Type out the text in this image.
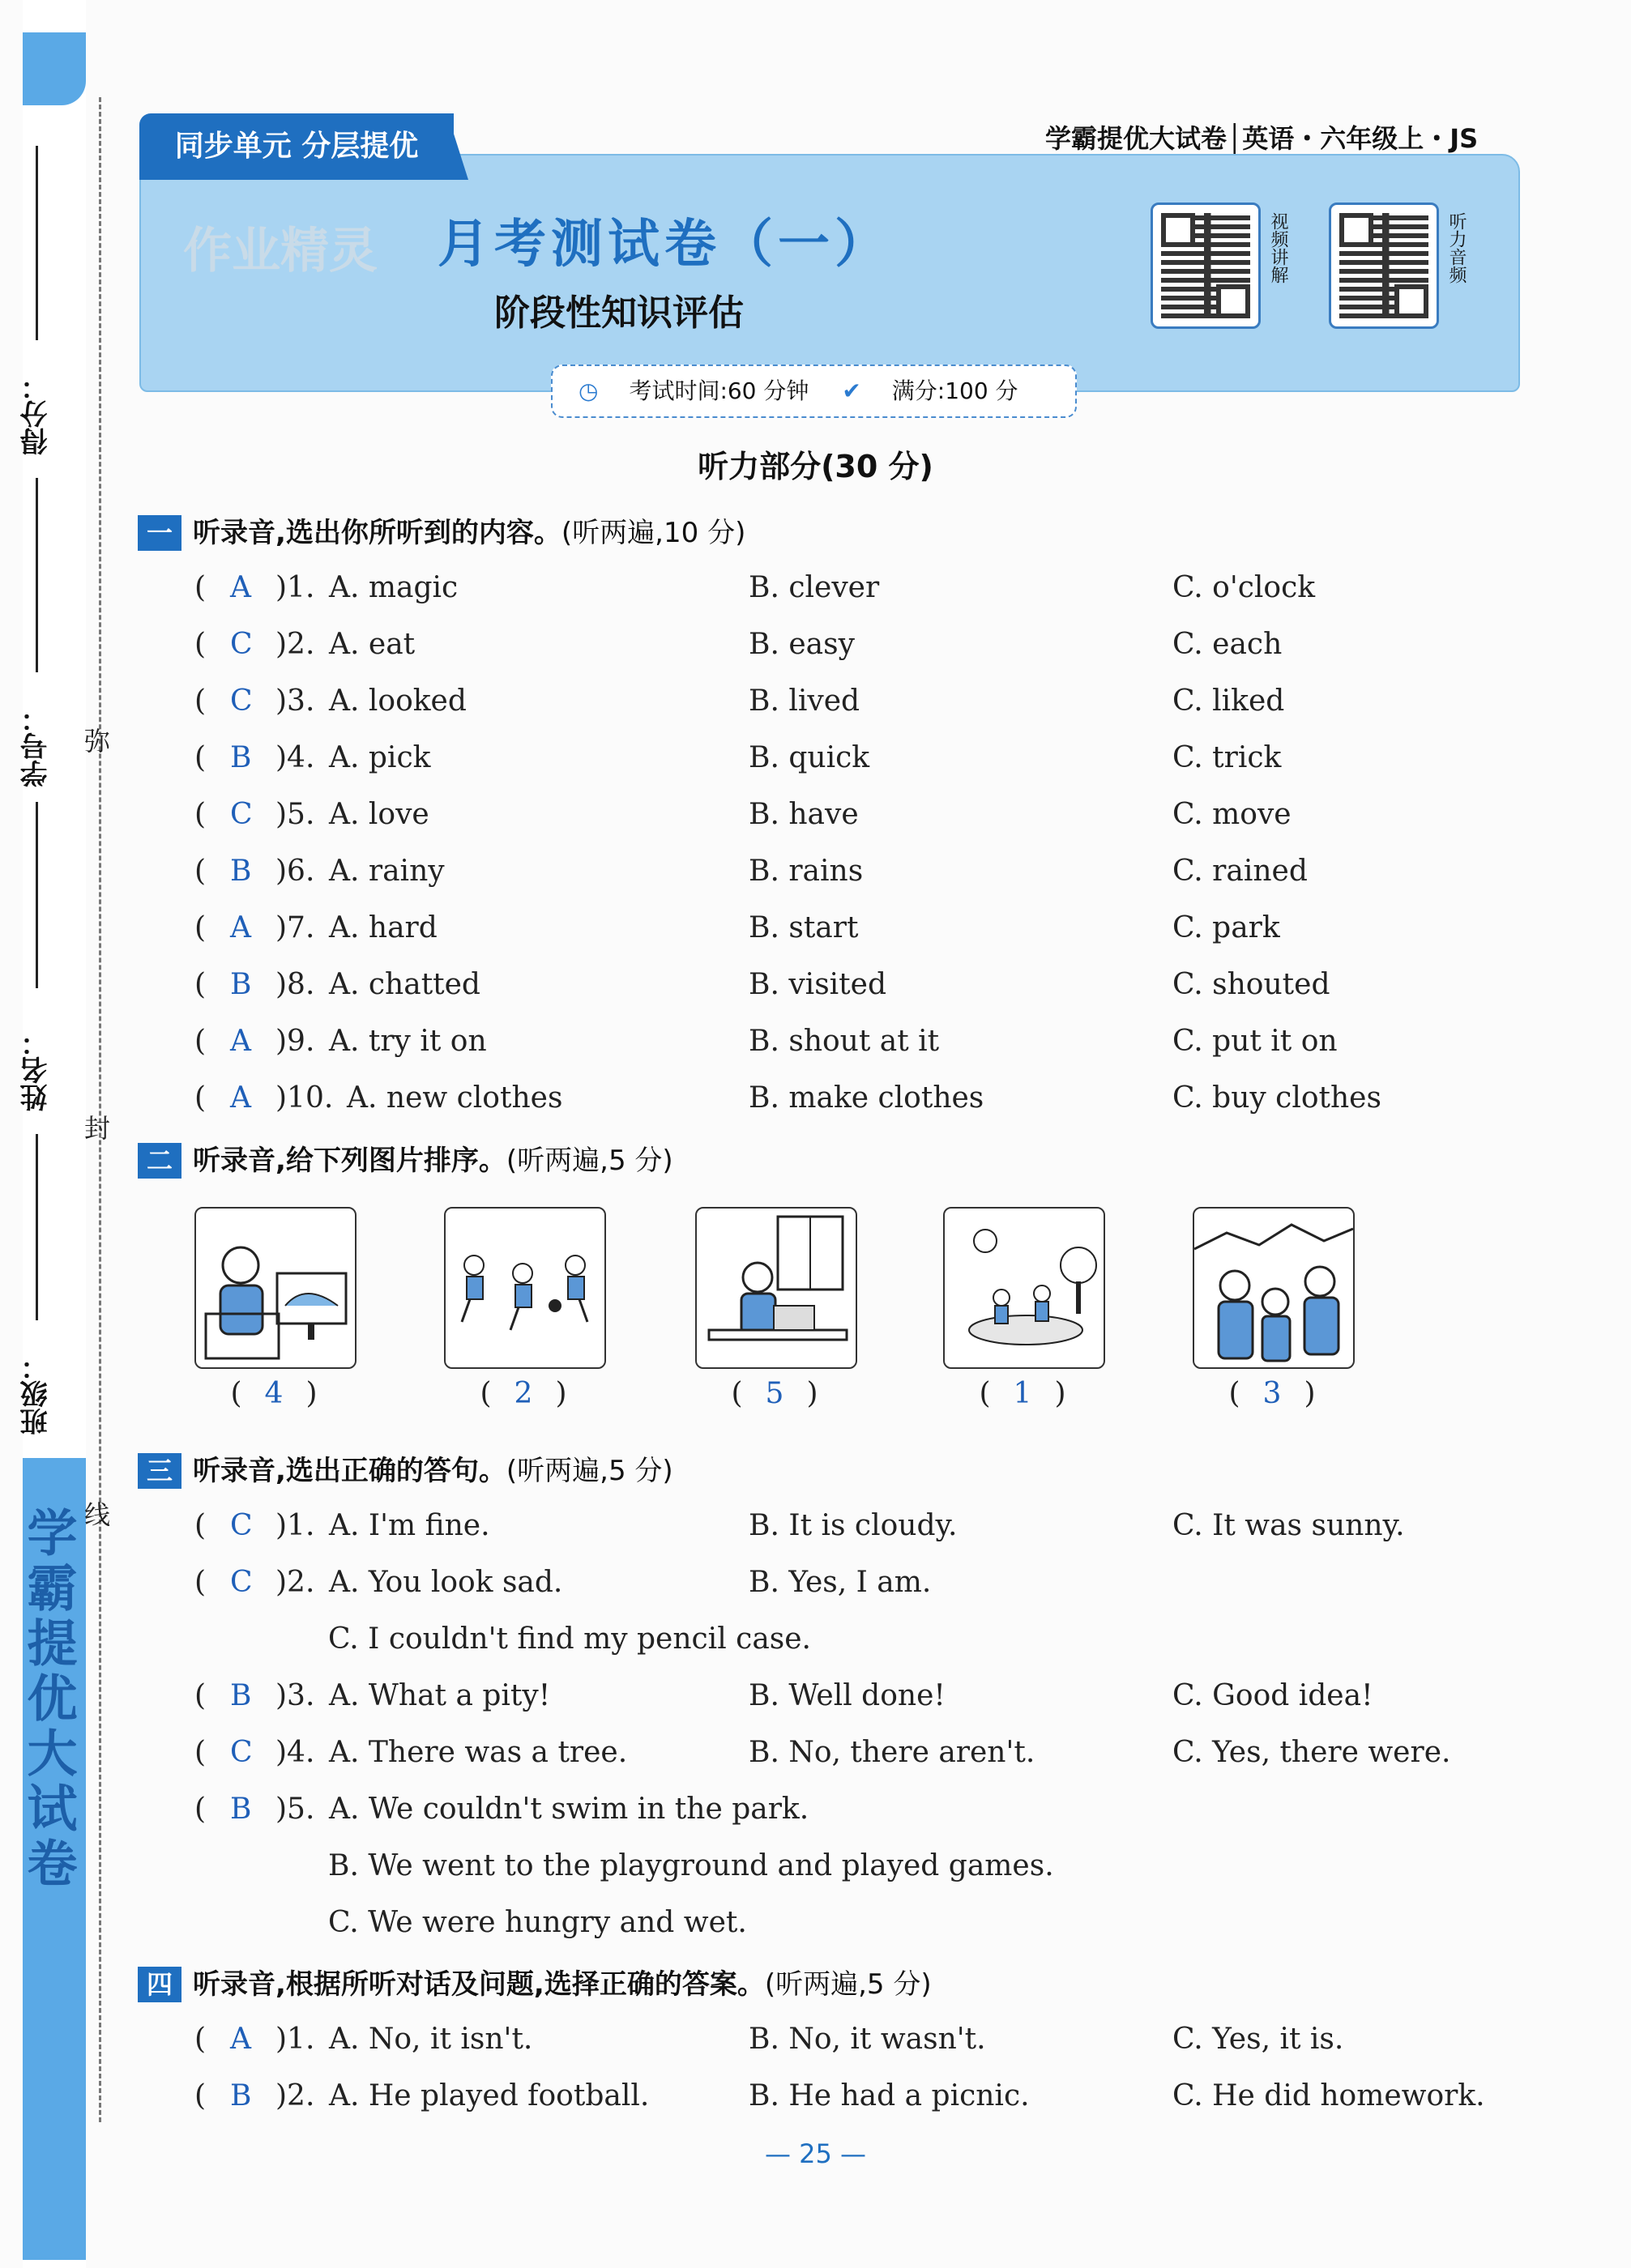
学霸提优大试卷
得分：
学号：
姓名：
班级：
弥
封
线
同步单元 分层提优	学霸提优大试卷│英语・六年级上・JS
作业精灵 月考测试卷（一）
阶段性知识评估
视频讲解	听力音频
◷ 考试时间:60 分钟 ✔ 满分:100 分
听力部分(30 分)
一 听录音,选出你所听到的内容。(听两遍,10 分)
( A )1. A. magic	B. clever	C. o'clock
( C )2. A. eat	B. easy	C. each
( C )3. A. looked	B. lived	C. liked
( B )4. A. pick	B. quick	C. trick
( C )5. A. love	B. have	C. move
( B )6. A. rainy	B. rains	C. rained
( A )7. A. hard	B. start	C. park
( B )8. A. chatted	B. visited	C. shouted
( A )9. A. try it on	B. shout at it	C. put it on
( A )10. A. new clothes	B. make clothes	C. buy clothes
二 听录音,给下列图片排序。(听两遍,5 分)
( 4 )	( 2 )	( 5 )	( 1 )	( 3 )
三 听录音,选出正确的答句。(听两遍,5 分)
( C )1. A. I'm fine.	B. It is cloudy.	C. It was sunny.
( C )2. A. You look sad.	B. Yes, I am.
C. I couldn't find my pencil case.
( B )3. A. What a pity!	B. Well done!	C. Good idea!
( C )4. A. There was a tree.	B. No, there aren't.	C. Yes, there were.
( B )5. A. We couldn't swim in the park.
B. We went to the playground and played games.
C. We were hungry and wet.
四 听录音,根据所听对话及问题,选择正确的答案。(听两遍,5 分)
( A )1. A. No, it isn't.	B. No, it wasn't.	C. Yes, it is.
( B )2. A. He played football.	B. He had a picnic.	C. He did homework.
— 25 —
